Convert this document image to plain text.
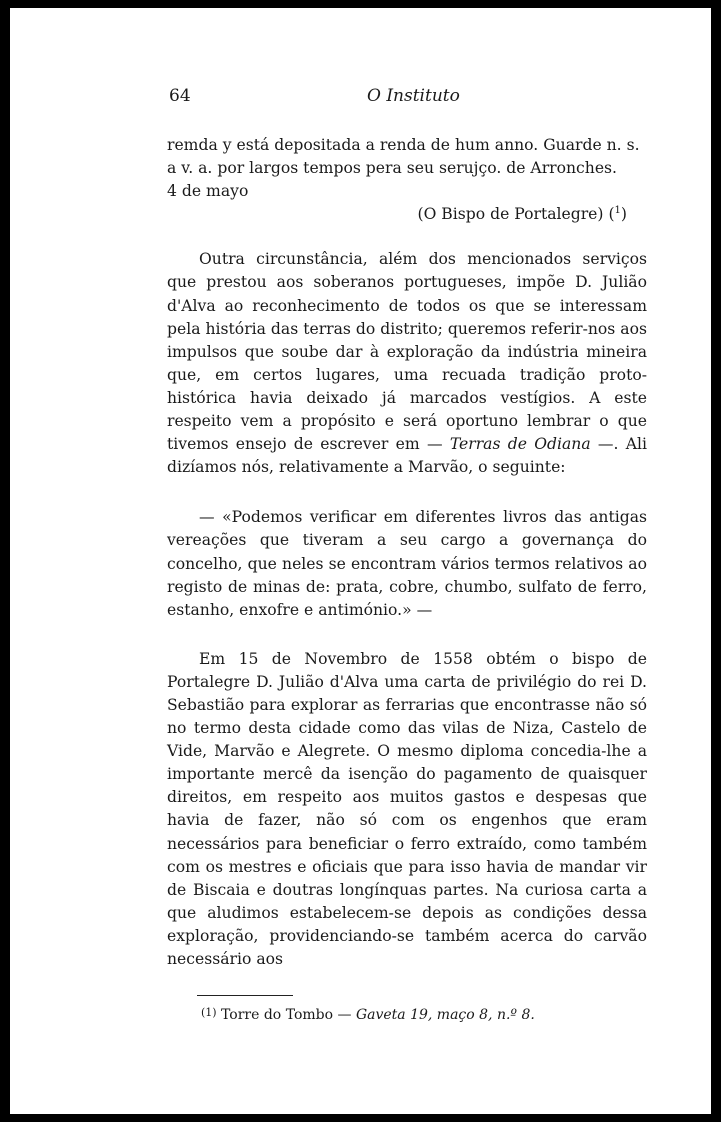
64	O Instituto

remda y está depositada a renda de hum anno. Guarde n. s.

a v. a. por largos tempos pera seu serujço. de Arronches.

4 de mayo

(O Bispo de Portalegre) ($^1$)

Outra circunstância, além dos mencionados serviços que prestou aos soberanos portugueses, impõe D. Julião d'Alva ao reconhecimento de todos os que se interessam pela história das terras do distrito; queremos referir-nos aos impulsos que soube dar à exploração da indústria mineira que, em certos lugares, uma recuada tradição proto-histórica havia deixado já marcados vestígios. A este respeito vem a propósito e será oportuno lembrar o que tivemos ensejo de escrever em — Terras de Odiana —. Ali dizíamos nós, relativamente a Marvão, o seguinte:

— «Podemos verificar em diferentes livros das antigas vereações que tiveram a seu cargo a governança do concelho, que neles se encontram vários termos relativos ao registo de minas de: prata, cobre, chumbo, sulfato de ferro, estanho, enxofre e antimónio.» —

Em 15 de Novembro de 1558 obtém o bispo de Portalegre D. Julião d'Alva uma carta de privilégio do rei D. Sebastião para explorar as ferrarias que encontrasse não só no termo desta cidade como das vilas de Niza, Castelo de Vide, Marvão e Alegrete. O mesmo diploma concedia-lhe a importante mercê da isenção do pagamento de quaisquer direitos, em respeito aos muitos gastos e despesas que havia de fazer, não só com os engenhos que eram necessários para beneficiar o ferro extraído, como também com os mestres e oficiais que para isso havia de mandar vir de Biscaia e doutras longínquas partes. Na curiosa carta a que aludimos estabelecem-se depois as condições dessa exploração, providenciando-se também acerca do carvão necessário aos

$^{(1)}$ Torre do Tombo — Gaveta 19, maço 8, n.º 8.
